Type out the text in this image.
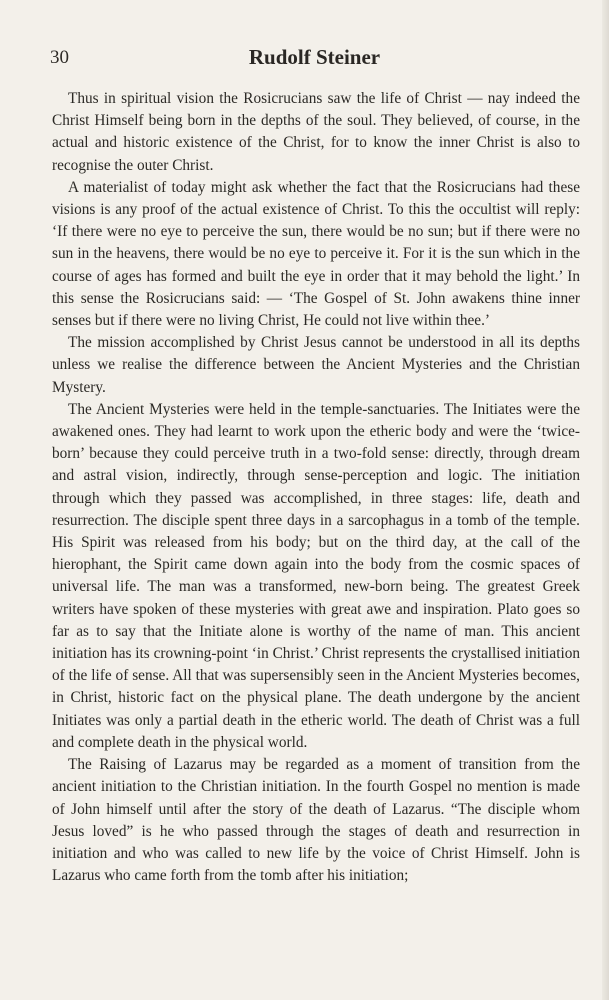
30	Rudolf Steiner

Thus in spiritual vision the Rosicrucians saw the life of Christ — nay indeed the Christ Himself being born in the depths of the soul. They believed, of course, in the actual and historic existence of the Christ, for to know the inner Christ is also to recognise the outer Christ.

A materialist of today might ask whether the fact that the Rosicrucians had these visions is any proof of the actual existence of Christ. To this the occultist will reply: ‘If there were no eye to perceive the sun, there would be no sun; but if there were no sun in the heavens, there would be no eye to perceive it. For it is the sun which in the course of ages has formed and built the eye in order that it may behold the light.’ In this sense the Rosicrucians said: — ‘The Gospel of St. John awakens thine inner senses but if there were no living Christ, He could not live within thee.’

The mission accomplished by Christ Jesus cannot be understood in all its depths unless we realise the difference between the Ancient Mysteries and the Christian Mystery.

The Ancient Mysteries were held in the temple-sanctuaries. The Initiates were the awakened ones. They had learnt to work upon the etheric body and were the ‘twice-born’ because they could perceive truth in a two-fold sense: directly, through dream and astral vision, indirectly, through sense-perception and logic. The initiation through which they passed was accomplished, in three stages: life, death and resurrection. The disciple spent three days in a sarcophagus in a tomb of the temple. His Spirit was released from his body; but on the third day, at the call of the hierophant, the Spirit came down again into the body from the cosmic spaces of universal life. The man was a transformed, new-born being. The greatest Greek writers have spoken of these mysteries with great awe and inspiration. Plato goes so far as to say that the Initiate alone is worthy of the name of man. This ancient initiation has its crowning-point ‘in Christ.’ Christ represents the crystallised initiation of the life of sense. All that was supersensibly seen in the Ancient Mysteries becomes, in Christ, historic fact on the physical plane. The death undergone by the ancient Initiates was only a partial death in the etheric world. The death of Christ was a full and complete death in the physical world.

The Raising of Lazarus may be regarded as a moment of transition from the ancient initiation to the Christian initiation. In the fourth Gospel no mention is made of John himself until after the story of the death of Lazarus. “The disciple whom Jesus loved” is he who passed through the stages of death and resurrection in initiation and who was called to new life by the voice of Christ Himself. John is Lazarus who came forth from the tomb after his initiation;
